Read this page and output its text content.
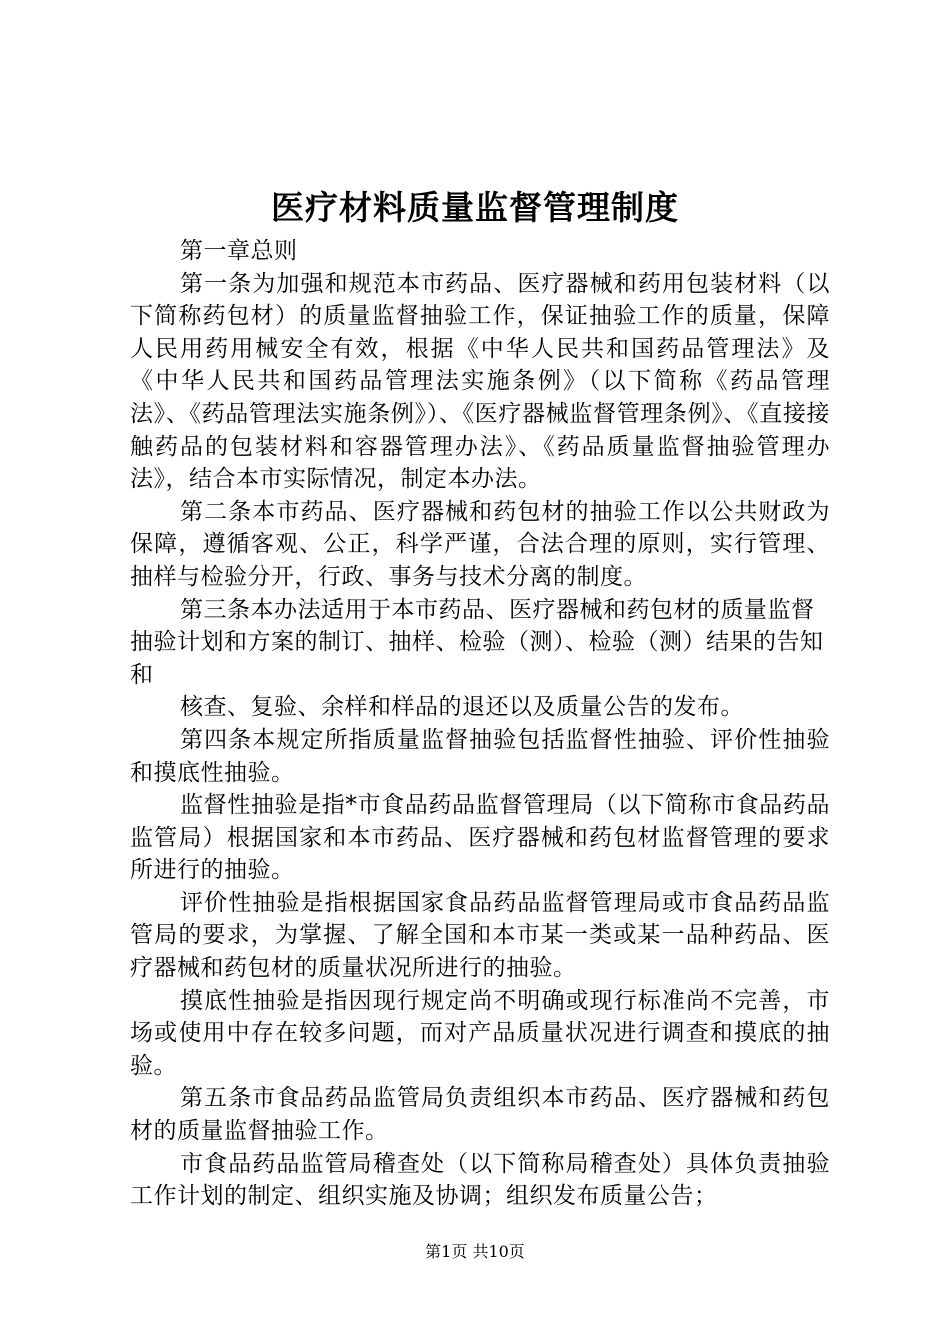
医疗材料质量监督管理制度

第一章总则

第一条为加强和规范本市药品、医疗器械和药用包装材料（以下简称药包材）的质量监督抽验工作，保证抽验工作的质量，保障人民用药用械安全有效，根据《中华人民共和国药品管理法》及《中华人民共和国药品管理法实施条例》（以下简称《药品管理法》、《药品管理法实施条例》）、《医疗器械监督管理条例》、《直接接触药品的包装材料和容器管理办法》、《药品质量监督抽验管理办法》，结合本市实际情况，制定本办法。

第二条本市药品、医疗器械和药包材的抽验工作以公共财政为保障，遵循客观、公正，科学严谨，合法合理的原则，实行管理、抽样与检验分开，行政、事务与技术分离的制度。

第三条本办法适用于本市药品、医疗器械和药包材的质量监督抽验计划和方案的制订、抽样、检验（测）、检验（测）结果的告知和

核查、复验、余样和样品的退还以及质量公告的发布。

第四条本规定所指质量监督抽验包括监督性抽验、评价性抽验和摸底性抽验。

监督性抽验是指*市食品药品监督管理局（以下简称市食品药品监管局）根据国家和本市药品、医疗器械和药包材监督管理的要求所进行的抽验。

评价性抽验是指根据国家食品药品监督管理局或市食品药品监管局的要求，为掌握、了解全国和本市某一类或某一品种药品、医疗器械和药包材的质量状况所进行的抽验。

摸底性抽验是指因现行规定尚不明确或现行标准尚不完善，市场或使用中存在较多问题，而对产品质量状况进行调查和摸底的抽验。

第五条市食品药品监管局负责组织本市药品、医疗器械和药包材的质量监督抽验工作。

市食品药品监管局稽查处（以下简称局稽查处）具体负责抽验工作计划的制定、组织实施及协调；组织发布质量公告；

第1页 共10页
